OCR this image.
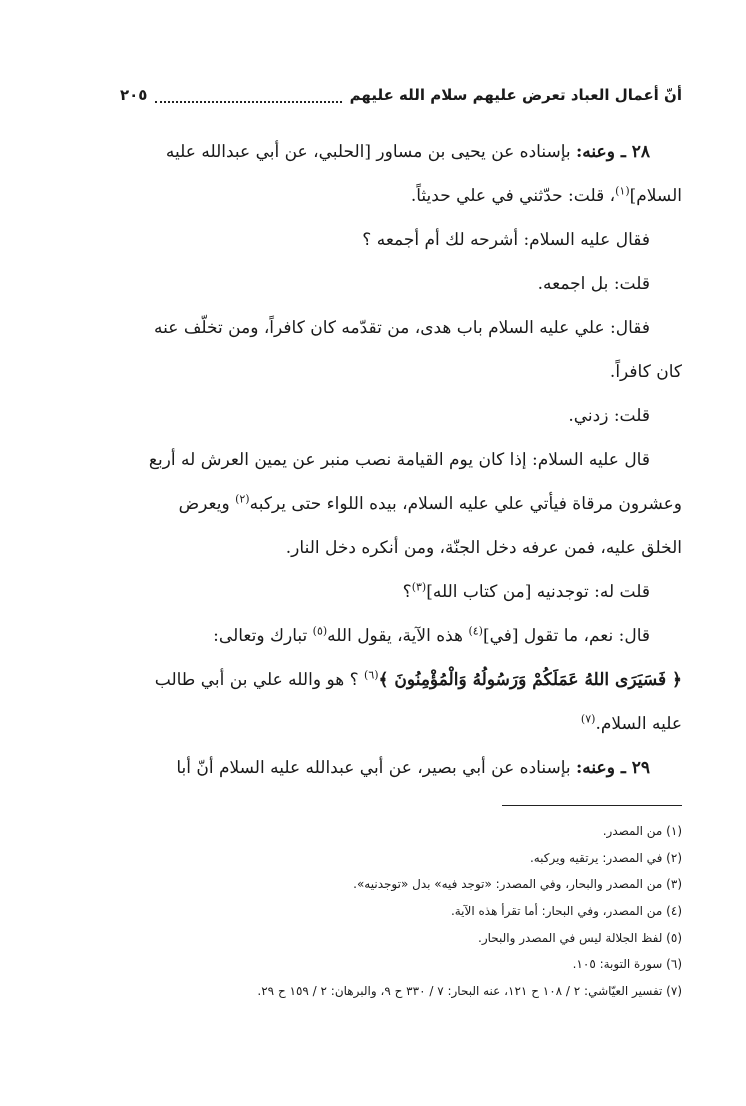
أنّ أعمال العباد تعرض عليهم سلام الله عليهم
٢٠٥
٢٨ ـ وعنه: بإسناده عن يحيى بن مساور [الحلبي، عن أبي عبدالله عليه
السلام]$^{(١)}$، قلت: حدّثني في علي حديثاً.
فقال عليه السلام: أشرحه لك أم أجمعه ؟
قلت: بل اجمعه.
فقال: علي عليه السلام باب هدى، من تقدّمه كان كافراً، ومن تخلّف عنه
كان كافراً.
قلت: زدني.
قال عليه السلام: إذا كان يوم القيامة نصب منبر عن يمين العرش له أربع
وعشرون مرقاة فيأتي علي عليه السلام، بيده اللواء حتى يركبه$^{(٢)}$ ويعرض
الخلق عليه، فمن عرفه دخل الجنّة، ومن أنكره دخل النار.
قلت له: توجدنيه [من كتاب الله]$^{(٣)}$؟
قال: نعم، ما تقول [في]$^{(٤)}$ هذه الآية، يقول الله$^{(٥)}$ تبارك وتعالى:
﴿ فَسَيَرَى اللهُ عَمَلَكُمْ وَرَسُولُهُ وَالْمُؤْمِنُونَ ﴾$^{(٦)}$ ؟ هو والله علي بن أبي طالب
عليه السلام.$^{(٧)}$
٢٩ ـ وعنه: بإسناده عن أبي بصير، عن أبي عبدالله عليه السلام أنّ أبا
(١) من المصدر.
(٢) في المصدر: يرتقيه ويركبه.
(٣) من المصدر والبحار، وفي المصدر: «توجد فيه» بدل «توجدنيه».
(٤) من المصدر، وفي البحار: أما تقرأ هذه الآية.
(٥) لفظ الجلالة ليس في المصدر والبحار.
(٦) سورة التوبة: ١٠٥.
(٧) تفسير العيّاشي: ٢ / ١٠٨ ح ١٢١، عنه البحار: ٧ / ٣٣٠ ح ٩، والبرهان: ٢ / ١٥٩ ح ٢٩.
